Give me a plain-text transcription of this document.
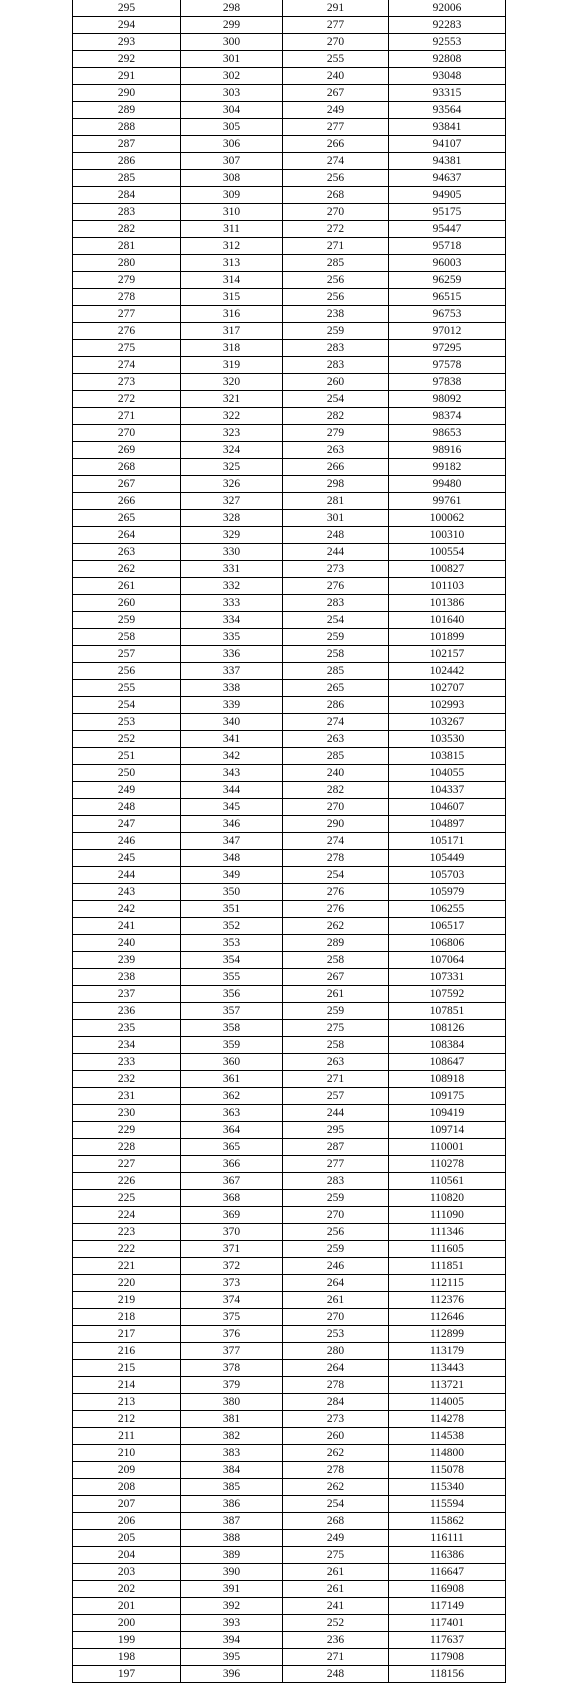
295	298	291	92006
294	299	277	92283
293	300	270	92553
292	301	255	92808
291	302	240	93048
290	303	267	93315
289	304	249	93564
288	305	277	93841
287	306	266	94107
286	307	274	94381
285	308	256	94637
284	309	268	94905
283	310	270	95175
282	311	272	95447
281	312	271	95718
280	313	285	96003
279	314	256	96259
278	315	256	96515
277	316	238	96753
276	317	259	97012
275	318	283	97295
274	319	283	97578
273	320	260	97838
272	321	254	98092
271	322	282	98374
270	323	279	98653
269	324	263	98916
268	325	266	99182
267	326	298	99480
266	327	281	99761
265	328	301	100062
264	329	248	100310
263	330	244	100554
262	331	273	100827
261	332	276	101103
260	333	283	101386
259	334	254	101640
258	335	259	101899
257	336	258	102157
256	337	285	102442
255	338	265	102707
254	339	286	102993
253	340	274	103267
252	341	263	103530
251	342	285	103815
250	343	240	104055
249	344	282	104337
248	345	270	104607
247	346	290	104897
246	347	274	105171
245	348	278	105449
244	349	254	105703
243	350	276	105979
242	351	276	106255
241	352	262	106517
240	353	289	106806
239	354	258	107064
238	355	267	107331
237	356	261	107592
236	357	259	107851
235	358	275	108126
234	359	258	108384
233	360	263	108647
232	361	271	108918
231	362	257	109175
230	363	244	109419
229	364	295	109714
228	365	287	110001
227	366	277	110278
226	367	283	110561
225	368	259	110820
224	369	270	111090
223	370	256	111346
222	371	259	111605
221	372	246	111851
220	373	264	112115
219	374	261	112376
218	375	270	112646
217	376	253	112899
216	377	280	113179
215	378	264	113443
214	379	278	113721
213	380	284	114005
212	381	273	114278
211	382	260	114538
210	383	262	114800
209	384	278	115078
208	385	262	115340
207	386	254	115594
206	387	268	115862
205	388	249	116111
204	389	275	116386
203	390	261	116647
202	391	261	116908
201	392	241	117149
200	393	252	117401
199	394	236	117637
198	395	271	117908
197	396	248	118156
